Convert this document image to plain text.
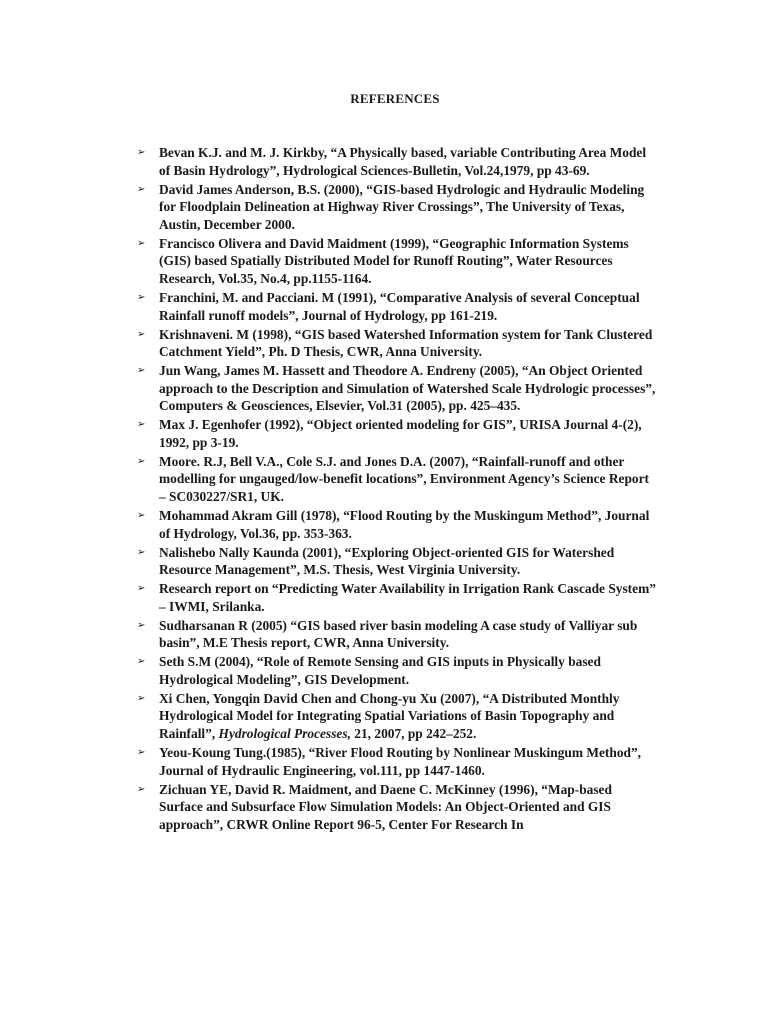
REFERENCES
➢ Bevan K.J. and M. J. Kirkby, “A Physically based, variable Contributing Area Model of Basin Hydrology”, Hydrological Sciences-Bulletin, Vol.24,1979, pp 43-69.
➢ David James Anderson, B.S. (2000), “GIS-based Hydrologic and Hydraulic Modeling for Floodplain Delineation at Highway River Crossings”, The University of Texas, Austin, December 2000.
➢ Francisco Olivera and David Maidment (1999), “Geographic Information Systems (GIS) based Spatially Distributed Model for Runoff Routing”, Water Resources Research, Vol.35, No.4, pp.1155-1164.
➢ Franchini, M. and Pacciani. M (1991), “Comparative Analysis of several Conceptual Rainfall runoff models”, Journal of Hydrology, pp 161-219.
➢ Krishnaveni. M (1998), “GIS based Watershed Information system for Tank Clustered Catchment Yield”, Ph. D Thesis, CWR, Anna University.
➢ Jun Wang, James M. Hassett and Theodore A. Endreny (2005), “An Object Oriented approach to the Description and Simulation of Watershed Scale Hydrologic processes”, Computers & Geosciences, Elsevier, Vol.31 (2005), pp. 425–435.
➢ Max J. Egenhofer (1992), “Object oriented modeling for GIS”, URISA Journal 4-(2), 1992, pp 3-19.
➢ Moore. R.J, Bell V.A., Cole S.J. and Jones D.A. (2007), “Rainfall-runoff and other modelling for ungauged/low-benefit locations”, Environment Agency’s Science Report – SC030227/SR1, UK.
➢ Mohammad Akram Gill (1978), “Flood Routing by the Muskingum Method”, Journal of Hydrology, Vol.36, pp. 353-363.
➢ Nalishebo Nally Kaunda (2001), “Exploring Object-oriented GIS for Watershed Resource Management”, M.S. Thesis, West Virginia University.
➢ Research report on “Predicting Water Availability in Irrigation Rank Cascade System” – IWMI, Srilanka.
➢ Sudharsanan R (2005) “GIS based river basin modeling A case study of Valliyar sub basin”, M.E Thesis report, CWR, Anna University.
➢ Seth S.M (2004), “Role of Remote Sensing and GIS inputs in Physically based Hydrological Modeling”, GIS Development.
➢ Xi Chen, Yongqin David Chen and Chong-yu Xu (2007), “A Distributed Monthly Hydrological Model for Integrating Spatial Variations of Basin Topography and Rainfall”, Hydrological Processes, 21, 2007, pp 242–252.
➢ Yeou-Koung Tung.(1985), “River Flood Routing by Nonlinear Muskingum Method”, Journal of Hydraulic Engineering, vol.111, pp 1447-1460.
➢ Zichuan YE, David R. Maidment, and Daene C. McKinney (1996), “Map-based Surface and Subsurface Flow Simulation Models: An Object-Oriented and GIS approach”, CRWR Online Report 96-5, Center For Research In
